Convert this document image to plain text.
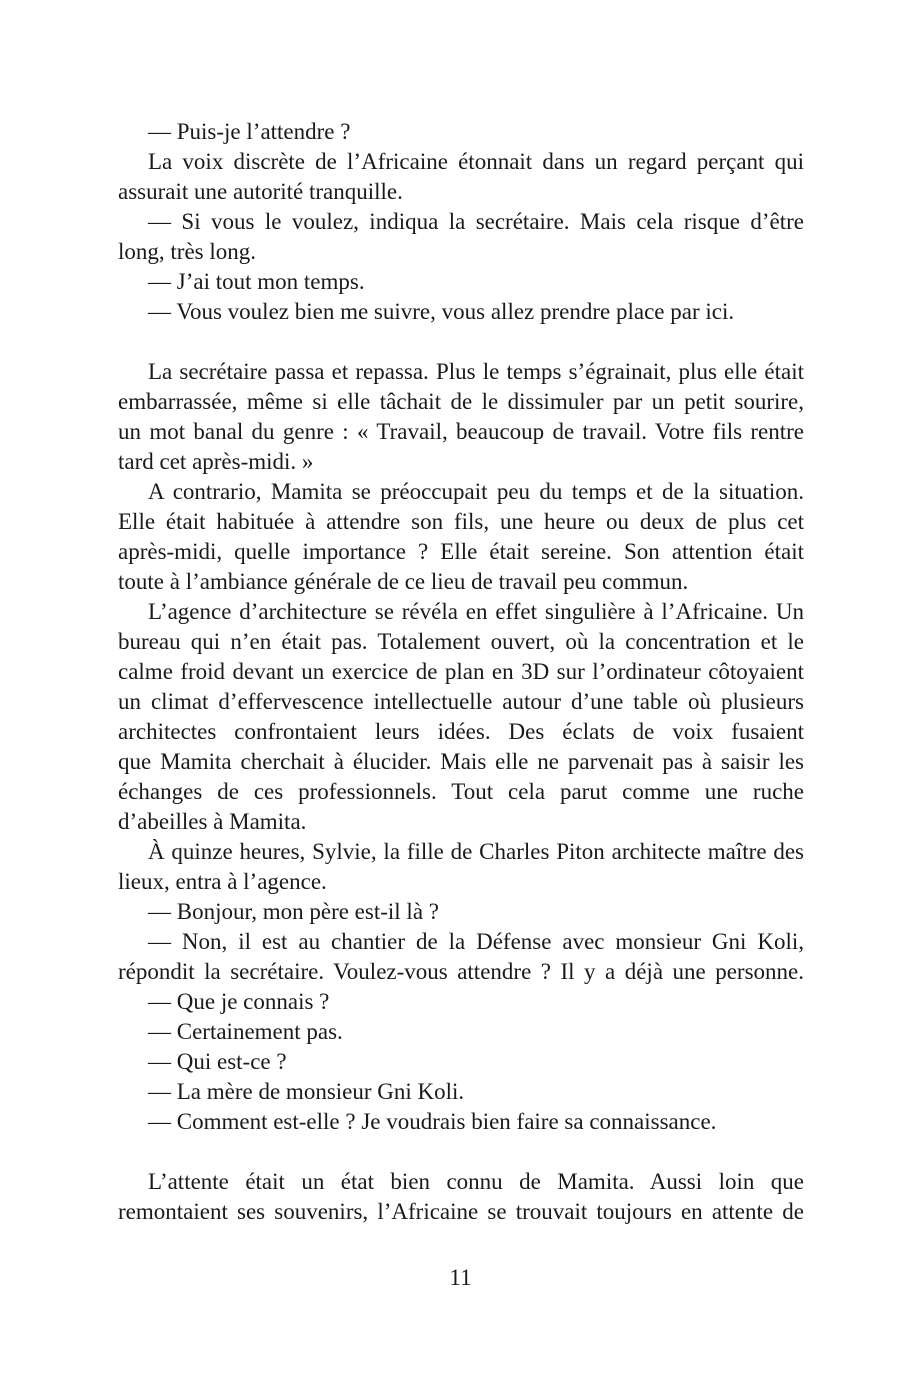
— Puis-je l’attendre ?
La voix discrète de l’Africaine étonnait dans un regard perçant qui
assurait une autorité tranquille.
— Si vous le voulez, indiqua la secrétaire. Mais cela risque d’être
long, très long.
— J’ai tout mon temps.
— Vous voulez bien me suivre, vous allez prendre place par ici.
La secrétaire passa et repassa. Plus le temps s’égrainait, plus elle était
embarrassée, même si elle tâchait de le dissimuler par un petit sourire,
un mot banal du genre : « Travail, beaucoup de travail. Votre fils rentre
tard cet après-midi. »
A contrario, Mamita se préoccupait peu du temps et de la situation.
Elle était habituée à attendre son fils, une heure ou deux de plus cet
après-midi, quelle importance ? Elle était sereine. Son attention était
toute à l’ambiance générale de ce lieu de travail peu commun.
L’agence d’architecture se révéla en effet singulière à l’Africaine. Un
bureau qui n’en était pas. Totalement ouvert, où la concentration et le
calme froid devant un exercice de plan en 3D sur l’ordinateur côtoyaient
un climat d’effervescence intellectuelle autour d’une table où plusieurs
architectes confrontaient leurs idées. Des éclats de voix fusaient
que Mamita cherchait à élucider. Mais elle ne parvenait pas à saisir les
échanges de ces professionnels. Tout cela parut comme une ruche
d’abeilles à Mamita.
À quinze heures, Sylvie, la fille de Charles Piton architecte maître des
lieux, entra à l’agence.
— Bonjour, mon père est-il là ?
— Non, il est au chantier de la Défense avec monsieur Gni Koli,
répondit la secrétaire. Voulez-vous attendre ? Il y a déjà une personne.
— Que je connais ?
— Certainement pas.
— Qui est-ce ?
— La mère de monsieur Gni Koli.
— Comment est-elle ? Je voudrais bien faire sa connaissance.
L’attente était un état bien connu de Mamita. Aussi loin que
remontaient ses souvenirs, l’Africaine se trouvait toujours en attente de
11
